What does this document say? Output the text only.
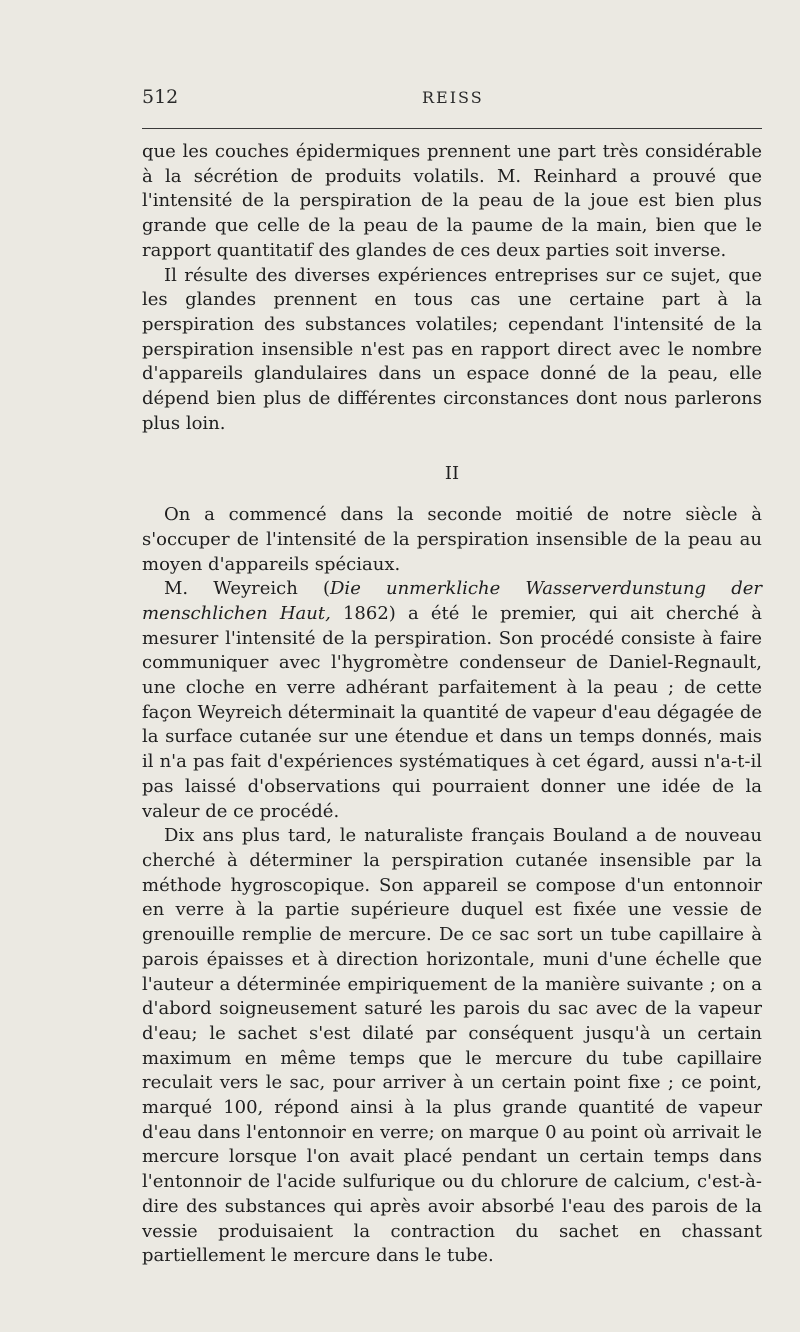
512	REISS

que les couches épidermiques prennent une part très considérable à la sécrétion de produits volatils. M. Reinhard a prouvé que l'intensité de la perspiration de la peau de la joue est bien plus grande que celle de la peau de la paume de la main, bien que le rapport quantitatif des glandes de ces deux parties soit inverse.

Il résulte des diverses expériences entreprises sur ce sujet, que les glandes prennent en tous cas une certaine part à la perspiration des substances volatiles; cependant l'intensité de la perspiration insensible n'est pas en rapport direct avec le nombre d'appareils glandulaires dans un espace donné de la peau, elle dépend bien plus de différentes circonstances dont nous parlerons plus loin.

II

On a commencé dans la seconde moitié de notre siècle à s'occuper de l'intensité de la perspiration insensible de la peau au moyen d'appareils spéciaux.

M. Weyreich (Die unmerkliche Wasserverdunstung der menschlichen Haut, 1862) a été le premier, qui ait cherché à mesurer l'intensité de la perspiration. Son procédé consiste à faire communiquer avec l'hygromètre condenseur de Daniel-Regnault, une cloche en verre adhérant parfaitement à la peau ; de cette façon Weyreich déterminait la quantité de vapeur d'eau dégagée de la surface cutanée sur une étendue et dans un temps donnés, mais il n'a pas fait d'expériences systématiques à cet égard, aussi n'a-t-il pas laissé d'observations qui pourraient donner une idée de la valeur de ce procédé.

Dix ans plus tard, le naturaliste français Bouland a de nouveau cherché à déterminer la perspiration cutanée insensible par la méthode hygroscopique. Son appareil se compose d'un entonnoir en verre à la partie supérieure duquel est fixée une vessie de grenouille remplie de mercure. De ce sac sort un tube capillaire à parois épaisses et à direction horizontale, muni d'une échelle que l'auteur a déterminée empiriquement de la manière suivante ; on a d'abord soigneusement saturé les parois du sac avec de la vapeur d'eau; le sachet s'est dilaté par conséquent jusqu'à un certain maximum en même temps que le mercure du tube capillaire reculait vers le sac, pour arriver à un certain point fixe ; ce point, marqué 100, répond ainsi à la plus grande quantité de vapeur d'eau dans l'entonnoir en verre; on marque 0 au point où arrivait le mercure lorsque l'on avait placé pendant un certain temps dans l'entonnoir de l'acide sulfurique ou du chlorure de calcium, c'est-à-dire des substances qui après avoir absorbé l'eau des parois de la vessie produisaient la contraction du sachet en chassant partiellement le mercure dans le tube.
